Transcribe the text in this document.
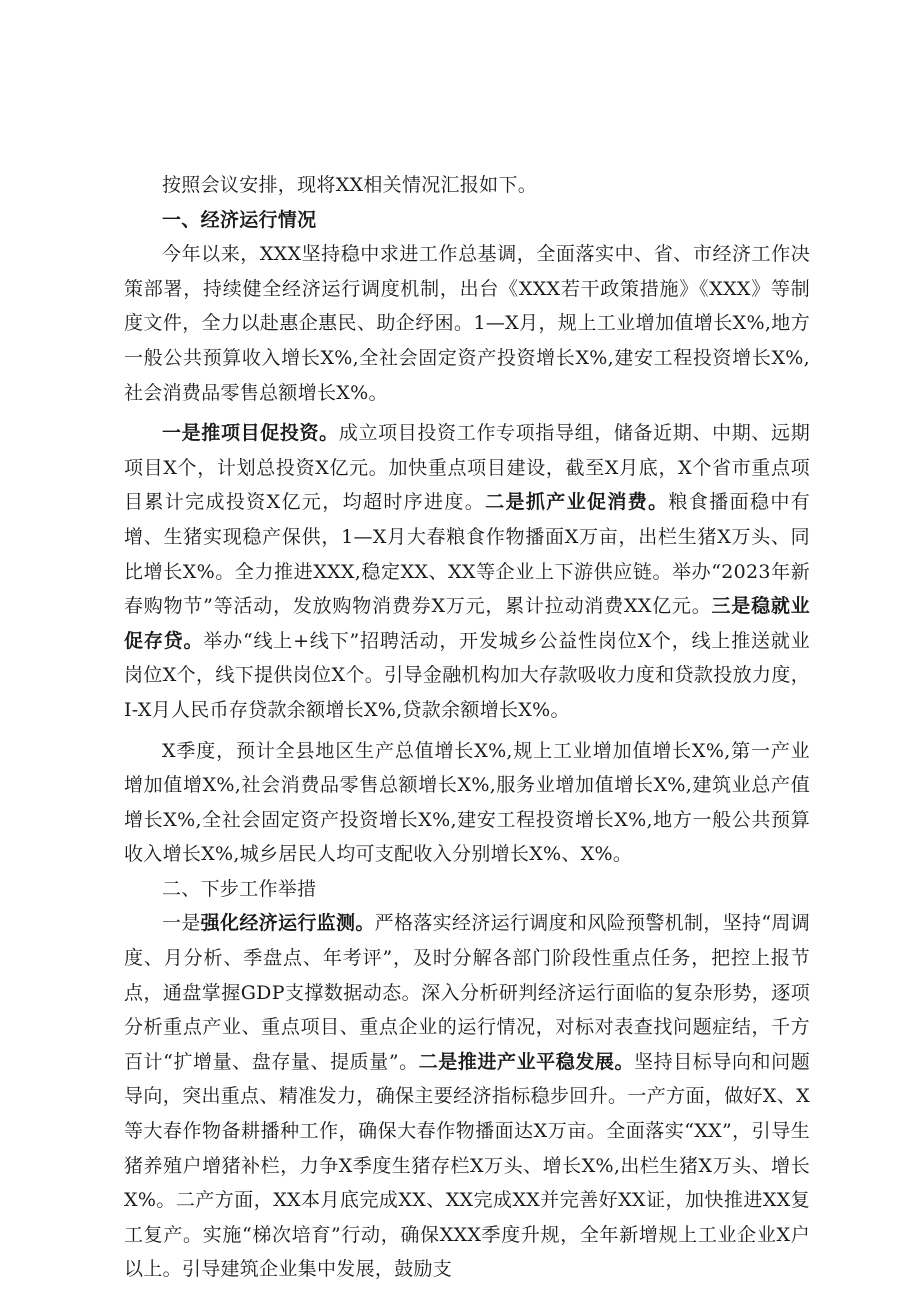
按照会议安排，现将XX相关情况汇报如下。

一、经济运行情况

今年以来，XXX坚持稳中求进工作总基调，全面落实中、省、市经济工作决策部署，持续健全经济运行调度机制，出台《XXX若干政策措施》《XXX》等制度文件，全力以赴惠企惠民、助企纾困。1—X月，规上工业增加值增长X%,地方一般公共预算收入增长X%,全社会固定资产投资增长X%,建安工程投资增长X%,社会消费品零售总额增长X%。

一是推项目促投资。成立项目投资工作专项指导组，储备近期、中期、远期项目X个，计划总投资X亿元。加快重点项目建设，截至X月底，X个省市重点项目累计完成投资X亿元，均超时序进度。二是抓产业促消费。粮食播面稳中有增、生猪实现稳产保供，1—X月大春粮食作物播面X万亩，出栏生猪X万头、同比增长X%。全力推进XXX,稳定XX、XX等企业上下游供应链。举办“2023年新春购物节”等活动，发放购物消费券X万元，累计拉动消费XX亿元。三是稳就业促存贷。举办“线上+线下”招聘活动，开发城乡公益性岗位X个，线上推送就业岗位X个，线下提供岗位X个。引导金融机构加大存款吸收力度和贷款投放力度，I-X月人民币存贷款余额增长X%,贷款余额增长X%。

X季度，预计全县地区生产总值增长X%,规上工业增加值增长X%,第一产业增加值增X%,社会消费品零售总额增长X%,服务业增加值增长X%,建筑业总产值增长X%,全社会固定资产投资增长X%,建安工程投资增长X%,地方一般公共预算收入增长X%,城乡居民人均可支配收入分别增长X%、X%。

二、下步工作举措

一是强化经济运行监测。严格落实经济运行调度和风险预警机制，坚持“周调度、月分析、季盘点、年考评”，及时分解各部门阶段性重点任务，把控上报节点，通盘掌握GDP支撑数据动态。深入分析研判经济运行面临的复杂形势，逐项分析重点产业、重点项目、重点企业的运行情况，对标对表查找问题症结，千方百计“扩增量、盘存量、提质量”。二是推进产业平稳发展。坚持目标导向和问题导向，突出重点、精准发力，确保主要经济指标稳步回升。一产方面，做好X、X等大春作物备耕播种工作，确保大春作物播面达X万亩。全面落实“XX”，引导生猪养殖户增猪补栏，力争X季度生猪存栏X万头、增长X%,出栏生猪X万头、增长X%。二产方面，XX本月底完成XX、XX完成XX并完善好XX证，加快推进XX复工复产。实施“梯次培育”行动，确保XXX季度升规，全年新增规上工业企业X户以上。引导建筑企业集中发展，鼓励支
